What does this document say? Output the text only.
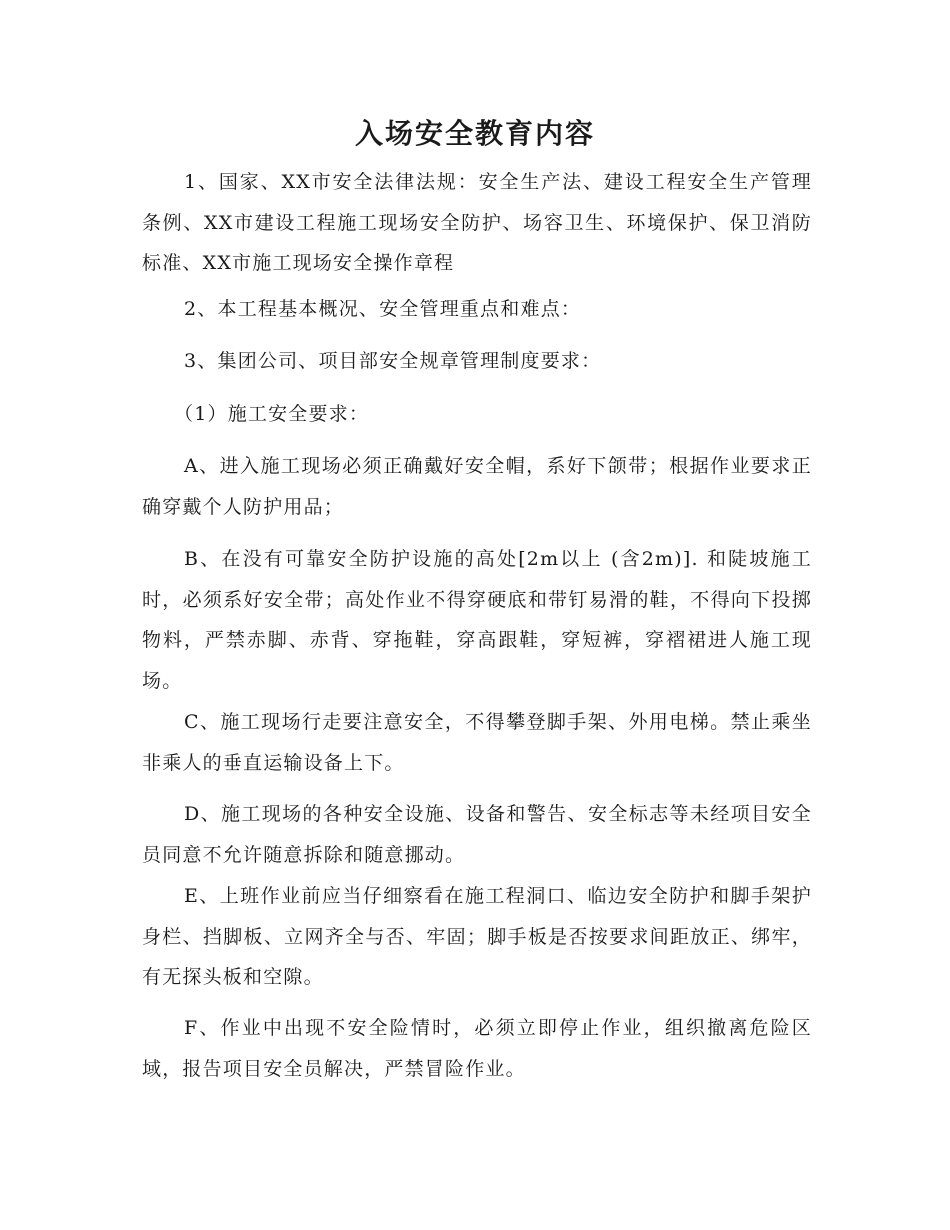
入场安全教育内容
1、国家、XX市安全法律法规：安全生产法、建设工程安全生产管理条例、XX市建设工程施工现场安全防护、场容卫生、环境保护、保卫消防标准、XX市施工现场安全操作章程
2、本工程基本概况、安全管理重点和难点：
3、集团公司、项目部安全规章管理制度要求：
（1）施工安全要求：
A、进入施工现场必须正确戴好安全帽，系好下颌带；根据作业要求正确穿戴个人防护用品；
B、在没有可靠安全防护设施的高处[2m以上 (含2m)]. 和陡坡施工时，必须系好安全带；高处作业不得穿硬底和带钉易滑的鞋，不得向下投掷物料，严禁赤脚、赤背、穿拖鞋，穿高跟鞋，穿短裤，穿褶裙进人施工现场。
C、施工现场行走要注意安全，不得攀登脚手架、外用电梯。禁止乘坐非乘人的垂直运输设备上下。
D、施工现场的各种安全设施、设备和警告、安全标志等未经项目安全员同意不允许随意拆除和随意挪动。
E、上班作业前应当仔细察看在施工程洞口、临边安全防护和脚手架护身栏、挡脚板、立网齐全与否、牢固；脚手板是否按要求间距放正、绑牢，有无探头板和空隙。
F、作业中出现不安全险情时，必须立即停止作业，组织撤离危险区域，报告项目安全员解决，严禁冒险作业。
